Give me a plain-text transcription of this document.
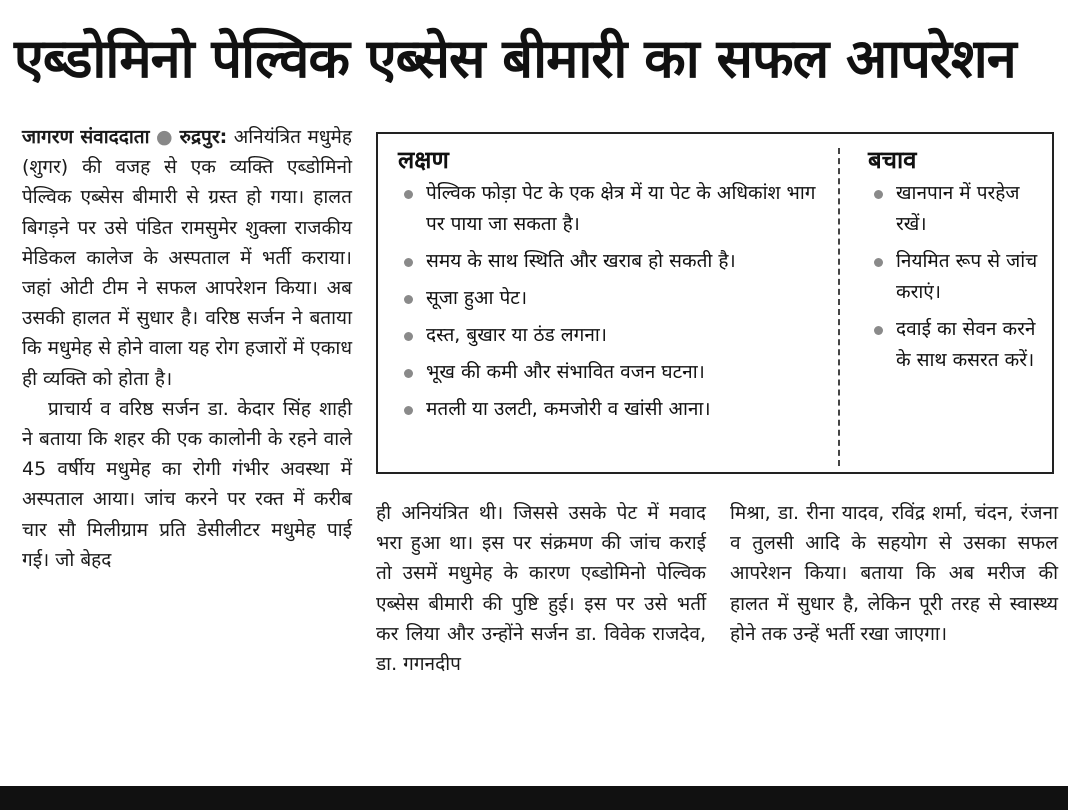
एब्डोमिनो पेल्विक एब्सेस बीमारी का सफल आपरेशन

जागरण संवाददाता ● रुद्रपुर: अनियंत्रित मधुमेह (शुगर) की वजह से एक व्यक्ति एब्डोमिनो पेल्विक एब्सेस बीमारी से ग्रस्त हो गया। हालत बिगड़ने पर उसे पंडित रामसुमेर शुक्ला राजकीय मेडिकल कालेज के अस्पताल में भर्ती कराया। जहां ओटी टीम ने सफल आपरेशन किया। अब उसकी हालत में सुधार है। वरिष्ठ सर्जन ने बताया कि मधुमेह से होने वाला यह रोग हजारों में एकाध ही व्यक्ति को होता है।

प्राचार्य व वरिष्ठ सर्जन डा. केदार सिंह शाही ने बताया कि शहर की एक कालोनी के रहने वाले 45 वर्षीय मधुमेह का रोगी गंभीर अवस्था में अस्पताल आया। जांच करने पर रक्त में करीब चार सौ मिलीग्राम प्रति डेसीलीटर मधुमेह पाई गई। जो बेहद

लक्षण
पेल्विक फोड़ा पेट के एक क्षेत्र में या पेट के अधिकांश भाग पर पाया जा सकता है।
समय के साथ स्थिति और खराब हो सकती है।
सूजा हुआ पेट।
दस्त, बुखार या ठंड लगना।
भूख की कमी और संभावित वजन घटना।
मतली या उलटी, कमजोरी व खांसी आना।
बचाव
खानपान में परहेज रखें।
नियमित रूप से जांच कराएं।
दवाई का सेवन करने के साथ कसरत करें।

ही अनियंत्रित थी। जिससे उसके पेट में मवाद भरा हुआ था। इस पर संक्रमण की जांच कराई तो उसमें मधुमेह के कारण एब्डोमिनो पेल्विक एब्सेस बीमारी की पुष्टि हुई। इस पर उसे भर्ती कर लिया और उन्होंने सर्जन डा. विवेक राजदेव, डा. गगनदीप

मिश्रा, डा. रीना यादव, रविंद्र शर्मा, चंदन, रंजना व तुलसी आदि के सहयोग से उसका सफल आपरेशन किया। बताया कि अब मरीज की हालत में सुधार है, लेकिन पूरी तरह से स्वास्थ्य होने तक उन्हें भर्ती रखा जाएगा।
